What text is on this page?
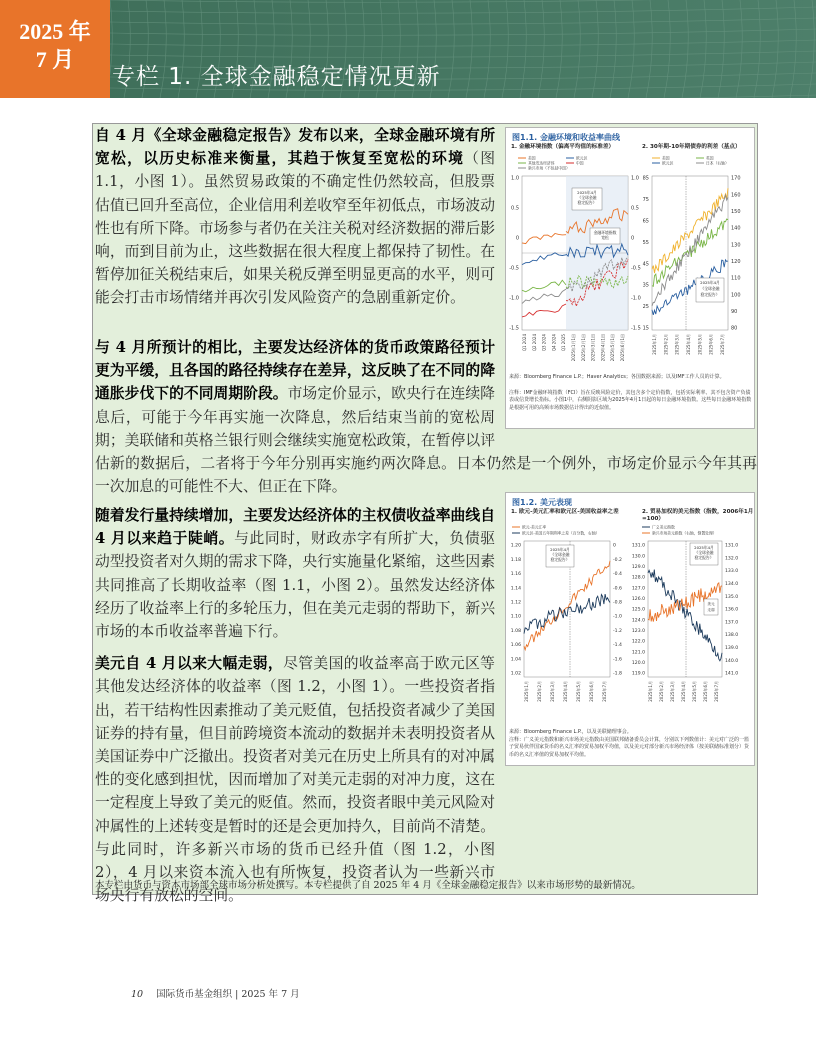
2025 年
7 月
专栏 1. 全球金融稳定情况更新

自 4 月《全球金融稳定报告》发布以来，全球金融环境有所宽松，以历史标准来衡量，其趋于恢复至宽松的环境（图 1.1，小图 1）。虽然贸易政策的不确定性仍然较高，但股票估值已回升至高位，企业信用利差收窄至年初低点，市场波动性也有所下降。市场参与者仍在关注关税对经济数据的滞后影响，而到目前为止，这些数据在很大程度上都保持了韧性。在暂停加征关税结束后，如果关税反弹至明显更高的水平，则可能会打击市场情绪并再次引发风险资产的急剧重新定价。

与 4 月所预计的相比，主要发达经济体的货币政策路径预计更为平缓，且各国的路径持续存在差异，这反映了在不同的降通胀步伐下的不同周期阶段。市场定价显示，欧央行在连续降息后，可能于今年再实施一次降息，然后结束当前的宽松周期；美联储和英格兰银行则会继续实施宽松政策，在暂停以评估新的数据后，二者将于今年分别再实施约两次降息。日本仍然是一个例外，市场定价显示今年其再一次加息的可能性不大、但正在下降。
随着发行量持续增加，主要发达经济体的主权债收益率曲线自 4 月以来趋于陡峭。与此同时，财政赤字有所扩大，负债驱动型投资者对久期的需求下降，央行实施量化紧缩，这些因素共同推高了长期收益率（图 1.1，小图 2）。虽然发达经济体经历了收益率上行的多轮压力，但在美元走弱的帮助下，新兴市场的本币收益率普遍下行。
美元自 4 月以来大幅走弱，尽管美国的收益率高于欧元区等其他发达经济体的收益率（图 1.2，小图 1）。一些投资者指出，若干结构性因素推动了美元贬值，包括投资者减少了美国证券的持有量，但目前跨境资本流动的数据并未表明投资者从美国证券中广泛撤出。投资者对美元在历史上所具有的对冲属性的变化感到担忧，因而增加了对美元走弱的对冲力度，这在一定程度上导致了美元的贬值。然而，投资者眼中美元风险对冲属性的上述转变是暂时的还是会更加持久，目前尚不清楚。与此同时，许多新兴市场的货币已经升值（图 1.2，小图 2），4 月以来资本流入也有所恢复，投资者认为一些新兴市场央行有放松的空间。
本专栏由货币与资本市场部全球市场分析处撰写。本专栏提供了自 2025 年 4 月《全球金融稳定报告》以来市场形势的最新情况。
图1.1. 金融环境和收益率曲线
1. 金融环境指数（偏离平均值的标准差）	2. 30年期-10年期债券的利差（基点）
1.0
0.5
0
-0.5
-1.0
-1.5
1.0
0.5
0
-0.5
-1.0
-1.5
美国	欧元区
其他发达经济体	中国
新兴市场（不包括中国）
2025年4月
《全球金融
稳定报告》
金融环境指数
宽松
Q1 2024 Q2 2024 Q3 2024 Q4 2024 Q1 2025 2025年1月1日 2025年2月1日 2025年3月1日 2025年4月1日 2025年5月1日 2025年6月1日
美国	英国
欧元区	日本（右轴）
85
75
65
55
45
35
25
15
170
160
150
140
130
120
110
100
90
80
2025年4月
《全球金融
稳定报告》
2025年1月 2025年2月 2025年3月 2025年4月 2025年5月 2025年6月 2025年7月
来源：Bloomberg Finance L.P.；Haver Analytics；各国数据来源；以及IMF工作人员的计算。
注释：IMF金融环境指数（FCI）旨在反映风险定价，其包含多个定价指数，包括实际利率、其不包含资产负债表或信贷增长指标。小图1中，右侧阴影区域为2025年4月1日起的每日金融环境指数。这些每日金融环境指数是根据可用的高频市场数据估计得出的近似值。
图1.2. 美元表现
1. 欧元-美元汇率和欧元区-美国收益率之差	2. 贸易加权的美元指数（指数，2006年1月=100）
欧元-美元汇率
欧元区-美国五年期利率之差（百分数，右轴）
广义美元指数
新兴市场美元指数（右轴，倒置处理）
1.20
1.18
1.16
1.14
1.12
1.10
1.08
1.06
1.04
1.02
0
-0.2
-0.4
-0.6
-0.8
-1.0
-1.2
-1.4
-1.6
-1.8
131.0
130.0
129.0
128.0
127.0
126.0
125.0
124.0
123.0
122.0
121.0
120.0
119.0
131.0
132.0
133.0
134.0
135.0
136.0
137.0
138.0
139.0
140.0
141.0
2025年4月
《全球金融
稳定报告》
2025年4月
《全球金融
稳定报告》
美元
走弱
2025年1月 2025年2月 2025年3月 2025年4月 2025年5月 2025年6月 2025年7月	2025年1月 2025年2月 2025年3月 2025年4月 2025年5月 2025年6月 2025年7月
来源：Bloomberg Finance L.P.，以及美联储理事会。
注释：广义美元指数和新兴市场美元指数由美国联邦储备委员会计算，分别以下列数值计：美元对广泛的一篮子贸易伙伴国家货币的名义汇率的贸易加权平均值，以及美元对部分新兴市场经济体（按美联储标准划分）货币的名义汇率值的贸易加权平均值。
10 国际货币基金组织 | 2025 年 7 月
